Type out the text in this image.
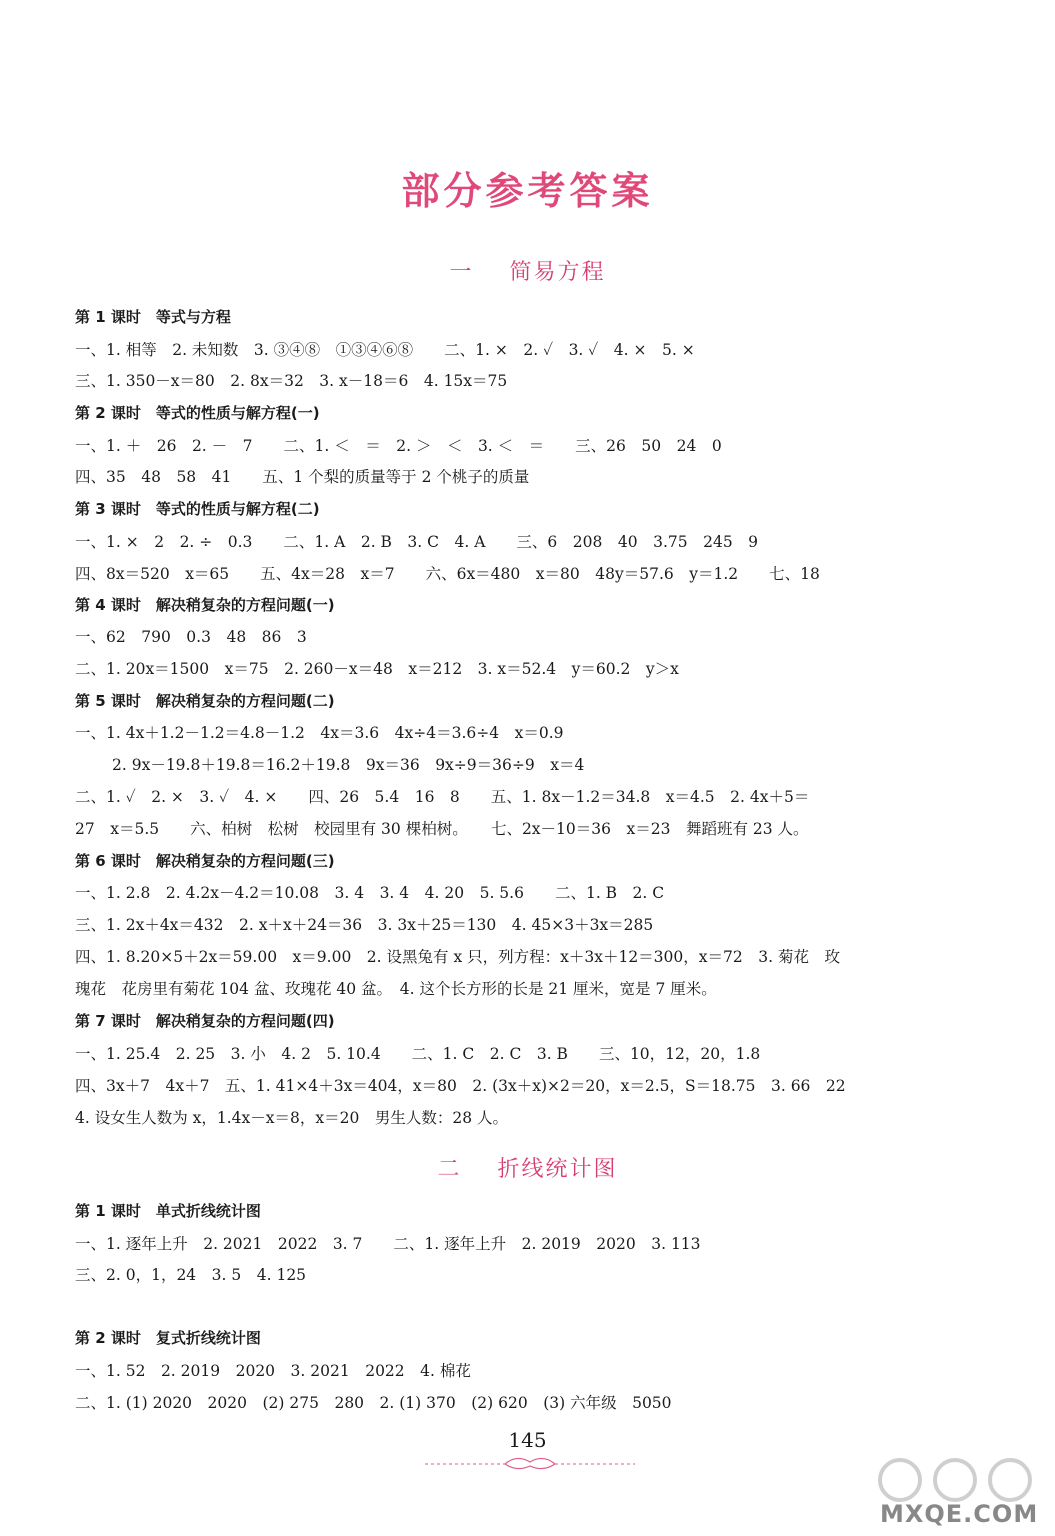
部分参考答案
一 简易方程
第 1 课时　等式与方程
一、1. 相等　2. 未知数　3. ③④⑧　①③④⑥⑧　　二、1. ×　2. ✓　3. ✓　4. ×　5. ×
三、1. 350－x＝80　2. 8x＝32　3. x－18＝6　4. 15x＝75
第 2 课时　等式的性质与解方程(一)
一、1. ＋　26　2. －　7　　二、1. ＜　＝　2. ＞　＜　3. ＜　＝　　三、26　50　24　0
四、35　48　58　41　　五、1 个梨的质量等于 2 个桃子的质量
第 3 课时　等式的性质与解方程(二)
一、1. ×　2　2. ÷　0.3　　二、1. A　2. B　3. C　4. A　　三、6　208　40　3.75　245　9
四、8x＝520　x＝65　　五、4x＝28　x＝7　　六、6x＝480　x＝80　48y＝57.6　y＝1.2　　七、18
第 4 课时　解决稍复杂的方程问题(一)
一、62　790　0.3　48　86　3
二、1. 20x＝1500　x＝75　2. 260－x＝48　x＝212　3. x＝52.4　y＝60.2　y＞x
第 5 课时　解决稍复杂的方程问题(二)
一、1. 4x＋1.2－1.2＝4.8－1.2　4x＝3.6　4x÷4＝3.6÷4　x＝0.9
2. 9x－19.8＋19.8＝16.2＋19.8　9x＝36　9x÷9＝36÷9　x＝4
二、1. ✓　2. ×　3. ✓　4. ×　　四、26　5.4　16　8　　五、1. 8x－1.2＝34.8　x＝4.5　2. 4x＋5＝
27　x＝5.5　　六、柏树　松树　校园里有 30 棵柏树。　　七、2x－10＝36　x＝23　舞蹈班有 23 人。
第 6 课时　解决稍复杂的方程问题(三)
一、1. 2.8　2. 4.2x－4.2＝10.08　3. 4　3. 4　4. 20　5. 5.6　　二、1. B　2. C
三、1. 2x＋4x＝432　2. x＋x＋24＝36　3. 3x＋25＝130　4. 45×3＋3x＝285
四、1. 8.20×5＋2x＝59.00　x＝9.00　2. 设黑兔有 x 只，列方程：x＋3x＋12＝300，x＝72　3. 菊花　玫
瑰花　花房里有菊花 104 盆、玫瑰花 40 盆。　4. 这个长方形的长是 21 厘米，宽是 7 厘米。
第 7 课时　解决稍复杂的方程问题(四)
一、1. 25.4　2. 25　3. 小　4. 2　5. 10.4　　二、1. C　2. C　3. B　　三、10，12，20，1.8
四、3x＋7　4x＋7　五、1. 41×4＋3x＝404，x＝80　2. (3x＋x)×2＝20，x＝2.5，S＝18.75　3. 66　22
4. 设女生人数为 x，1.4x－x＝8，x＝20　男生人数：28 人。
二 折线统计图
第 1 课时　单式折线统计图
一、1. 逐年上升　2. 2021　2022　3. 7　　二、1. 逐年上升　2. 2019　2020　3. 113
三、2. 0，1，24　3. 5　4. 125
第 2 课时　复式折线统计图
一、1. 52　2. 2019　2020　3. 2021　2022　4. 棉花
二、1. (1) 2020　2020　(2) 275　280　2. (1) 370　(2) 620　(3) 六年级　5050
145
MXQE.COM
